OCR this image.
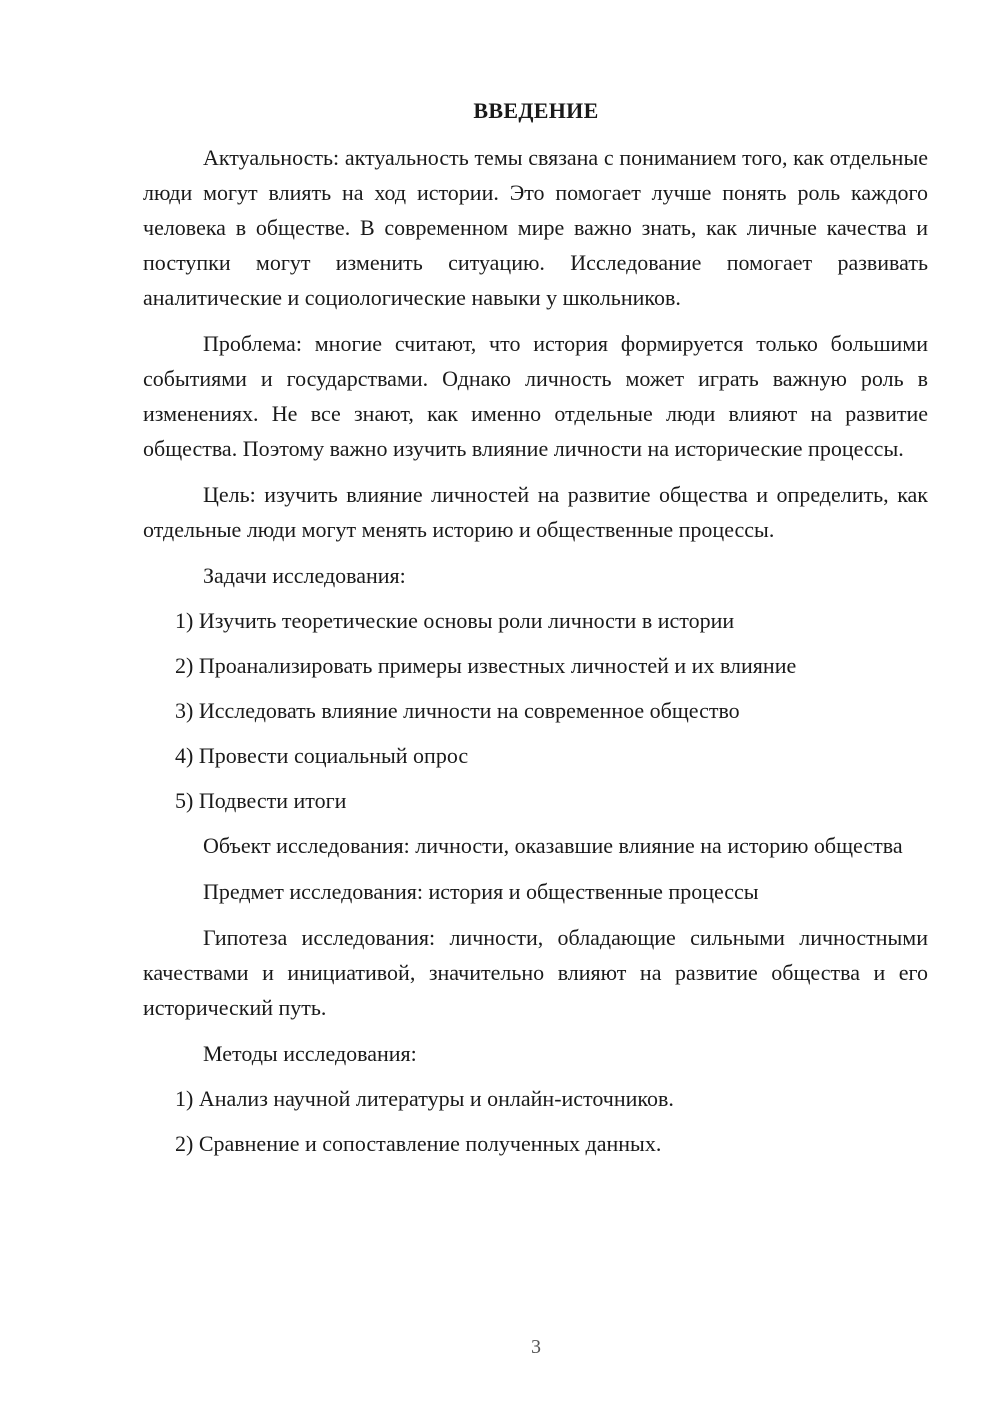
ВВЕДЕНИЕ

Актуальность: актуальность темы связана с пониманием того, как отдельные люди могут влиять на ход истории. Это помогает лучше понять роль каждого человека в обществе. В современном мире важно знать, как личные качества и поступки могут изменить ситуацию. Исследование помогает развивать аналитические и социологические навыки у школьников.

Проблема: многие считают, что история формируется только большими событиями и государствами. Однако личность может играть важную роль в изменениях. Не все знают, как именно отдельные люди влияют на развитие общества. Поэтому важно изучить влияние личности на исторические процессы.

Цель: изучить влияние личностей на развитие общества и определить, как отдельные люди могут менять историю и общественные процессы.

Задачи исследования:

1) Изучить теоретические основы роли личности в истории

2) Проанализировать примеры известных личностей и их влияние

3) Исследовать влияние личности на современное общество

4) Провести социальный опрос

5) Подвести итоги

Объект исследования: личности, оказавшие влияние на историю общества

Предмет исследования: история и общественные процессы

Гипотеза исследования: личности, обладающие сильными личностными качествами и инициативой, значительно влияют на развитие общества и его исторический путь.

Методы исследования:

1) Анализ научной литературы и онлайн-источников.

2) Сравнение и сопоставление полученных данных.

3
